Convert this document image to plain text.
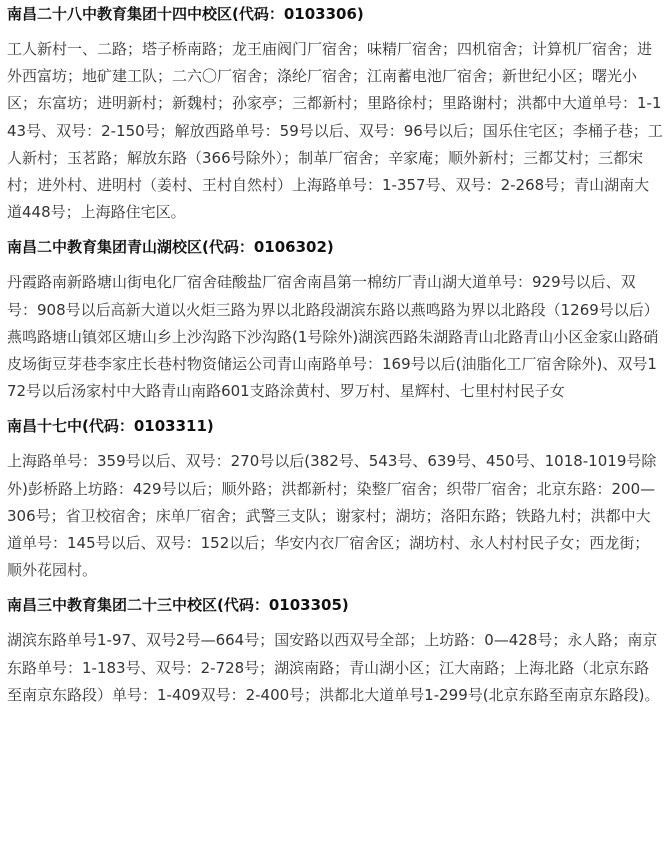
南昌二十八中教育集团十四中校区(代码：0103306)
工人新村一、二路；塔子桥南路；龙王庙阀门厂宿舍；味精厂宿舍；四机宿舍；计算机厂宿舍；进外西富坊；地矿建工队；二六〇厂宿舍；涤纶厂宿舍；江南蓄电池厂宿舍；新世纪小区；曙光小区；东富坊；进明新村；新魏村；孙家亭；三都新村；里路徐村；里路谢村；洪都中大道单号：1-143号、双号：2-150号；解放西路单号：59号以后、双号：96号以后；国乐住宅区；李桶子巷；工人新村；玉茗路；解放东路（366号除外）；制革厂宿舍；辛家庵；顺外新村；三都艾村；三都宋村；进外村、进明村（姜村、王村自然村）上海路单号：1-357号、双号：2-268号；青山湖南大道448号；上海路住宅区。
南昌二中教育集团青山湖校区(代码：0106302)
丹霞路南新路塘山街电化厂宿舍硅酸盐厂宿舍南昌第一棉纺厂青山湖大道单号：929号以后、双号：908号以后高新大道以火炬三路为界以北路段湖滨东路以燕鸣路为界以北路段（1269号以后）燕鸣路塘山镇郊区塘山乡上沙沟路下沙沟路(1号除外)湖滨西路朱湖路青山北路青山小区金家山路硝皮场街豆芽巷李家庄长巷村物资储运公司青山南路单号：169号以后(油脂化工厂宿舍除外)、双号172号以后汤家村中大路青山南路601支路涂黄村、罗万村、星辉村、七里村村民子女
南昌十七中(代码：0103311)
上海路单号：359号以后、双号：270号以后(382号、543号、639号、450号、1018-1019号除外)彭桥路上坊路：429号以后；顺外路；洪都新村；染整厂宿舍；织带厂宿舍；北京东路：200—306号；省卫校宿舍；床单厂宿舍；武警三支队；谢家村；湖坊；洛阳东路；铁路九村；洪都中大道单号：145号以后、双号：152以后；华安内衣厂宿舍区；湖坊村、永人村村民子女；西龙街；顺外花园村。
南昌三中教育集团二十三中校区(代码：0103305)
湖滨东路单号1-97、双号2号—664号；国安路以西双号全部；上坊路：0—428号；永人路；南京东路单号：1-183号、双号：2-728号；湖滨南路；青山湖小区；江大南路；上海北路（北京东路至南京东路段）单号：1-409双号：2-400号；洪都北大道单号1-299号(北京东路至南京东路段)。
